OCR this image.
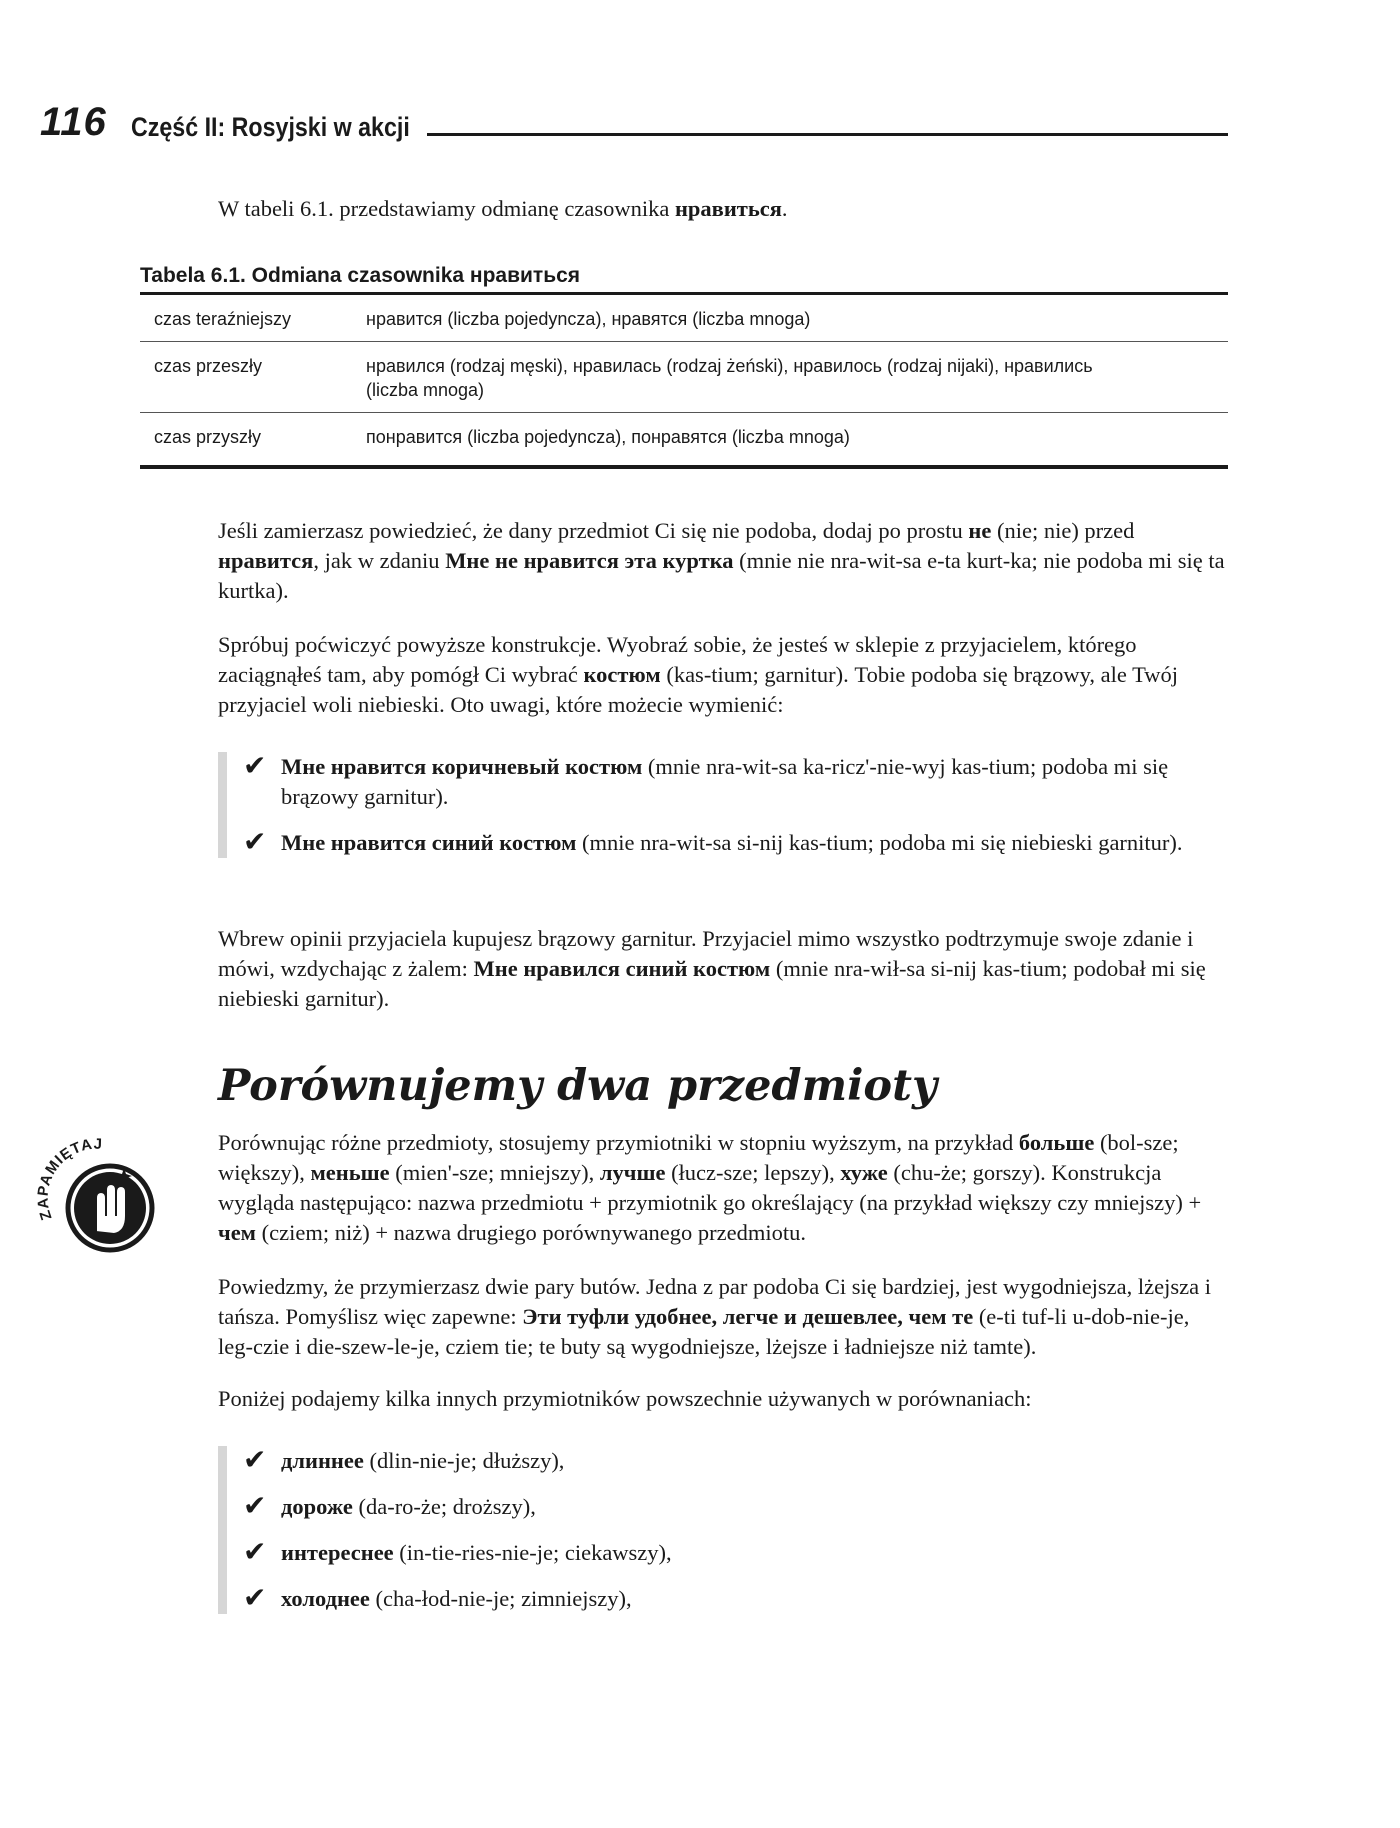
116 Część II: Rosyjski w akcji

W tabeli 6.1. przedstawiamy odmianę czasownika нравиться.

Tabela 6.1. Odmiana czasownika нравиться
czas teraźniejszy	нравится (liczba pojedyncza), нравятся (liczba mnoga)
czas przeszły	нравился (rodzaj męski), нравилась (rodzaj żeński), нравилось (rodzaj nijaki), нравились (liczba mnoga)
czas przyszły	понравится (liczba pojedyncza), понравятся (liczba mnoga)

Jeśli zamierzasz powiedzieć, że dany przedmiot Ci się nie podoba, dodaj po prostu не (nie; nie) przed нравится, jak w zdaniu Мне не нравится эта куртка (mnie nie nra-wit-sa e-ta kurt-ka; nie podoba mi się ta kurtka).

Spróbuj poćwiczyć powyższe konstrukcje. Wyobraź sobie, że jesteś w sklepie z przyjacielem, którego zaciągnąłeś tam, aby pomógł Ci wybrać костюм (kas-tium; garnitur). Tobie podoba się brązowy, ale Twój przyjaciel woli niebieski. Oto uwagi, które możecie wymienić:

✔ Мне нравится коричневый костюм (mnie nra-wit-sa ka-ricz'-nie-wyj kas-tium; podoba mi się brązowy garnitur).
✔ Мне нравится синий костюм (mnie nra-wit-sa si-nij kas-tium; podoba mi się niebieski garnitur).

Wbrew opinii przyjaciela kupujesz brązowy garnitur. Przyjaciel mimo wszystko podtrzymuje swoje zdanie i mówi, wzdychając z żalem: Мне нравился синий костюм (mnie nra-wił-sa si-nij kas-tium; podobał mi się niebieski garnitur).

Porównujemy dwa przedmioty
ZAPAMIĘTAJ	Porównując różne przedmioty, stosujemy przymiotniki w stopniu wyższym, na przykład больше (bol-sze; większy), меньше (mien'-sze; mniejszy), лучше (łucz-sze; lepszy), хуже (chu-że; gorszy). Konstrukcja wygląda następująco: nazwa przedmiotu + przymiotnik go określający (na przykład większy czy mniejszy) + чем (cziem; niż) + nazwa drugiego porównywanego przedmiotu.

Powiedzmy, że przymierzasz dwie pary butów. Jedna z par podoba Ci się bardziej, jest wygodniejsza, lżejsza i tańsza. Pomyślisz więc zapewne: Эти туфли удобнее, легче и дешевлее, чем те (e-ti tuf-li u-dob-nie-je, leg-czie i die-szew-le-je, cziem tie; te buty są wygodniejsze, lżejsze i ładniejsze niż tamte).

Poniżej podajemy kilka innych przymiotników powszechnie używanych w porównaniach:

✔ длиннее (dlin-nie-je; dłuższy),
✔ дороже (da-ro-że; droższy),
✔ интереснее (in-tie-ries-nie-je; ciekawszy),
✔ холоднее (cha-łod-nie-je; zimniejszy),
